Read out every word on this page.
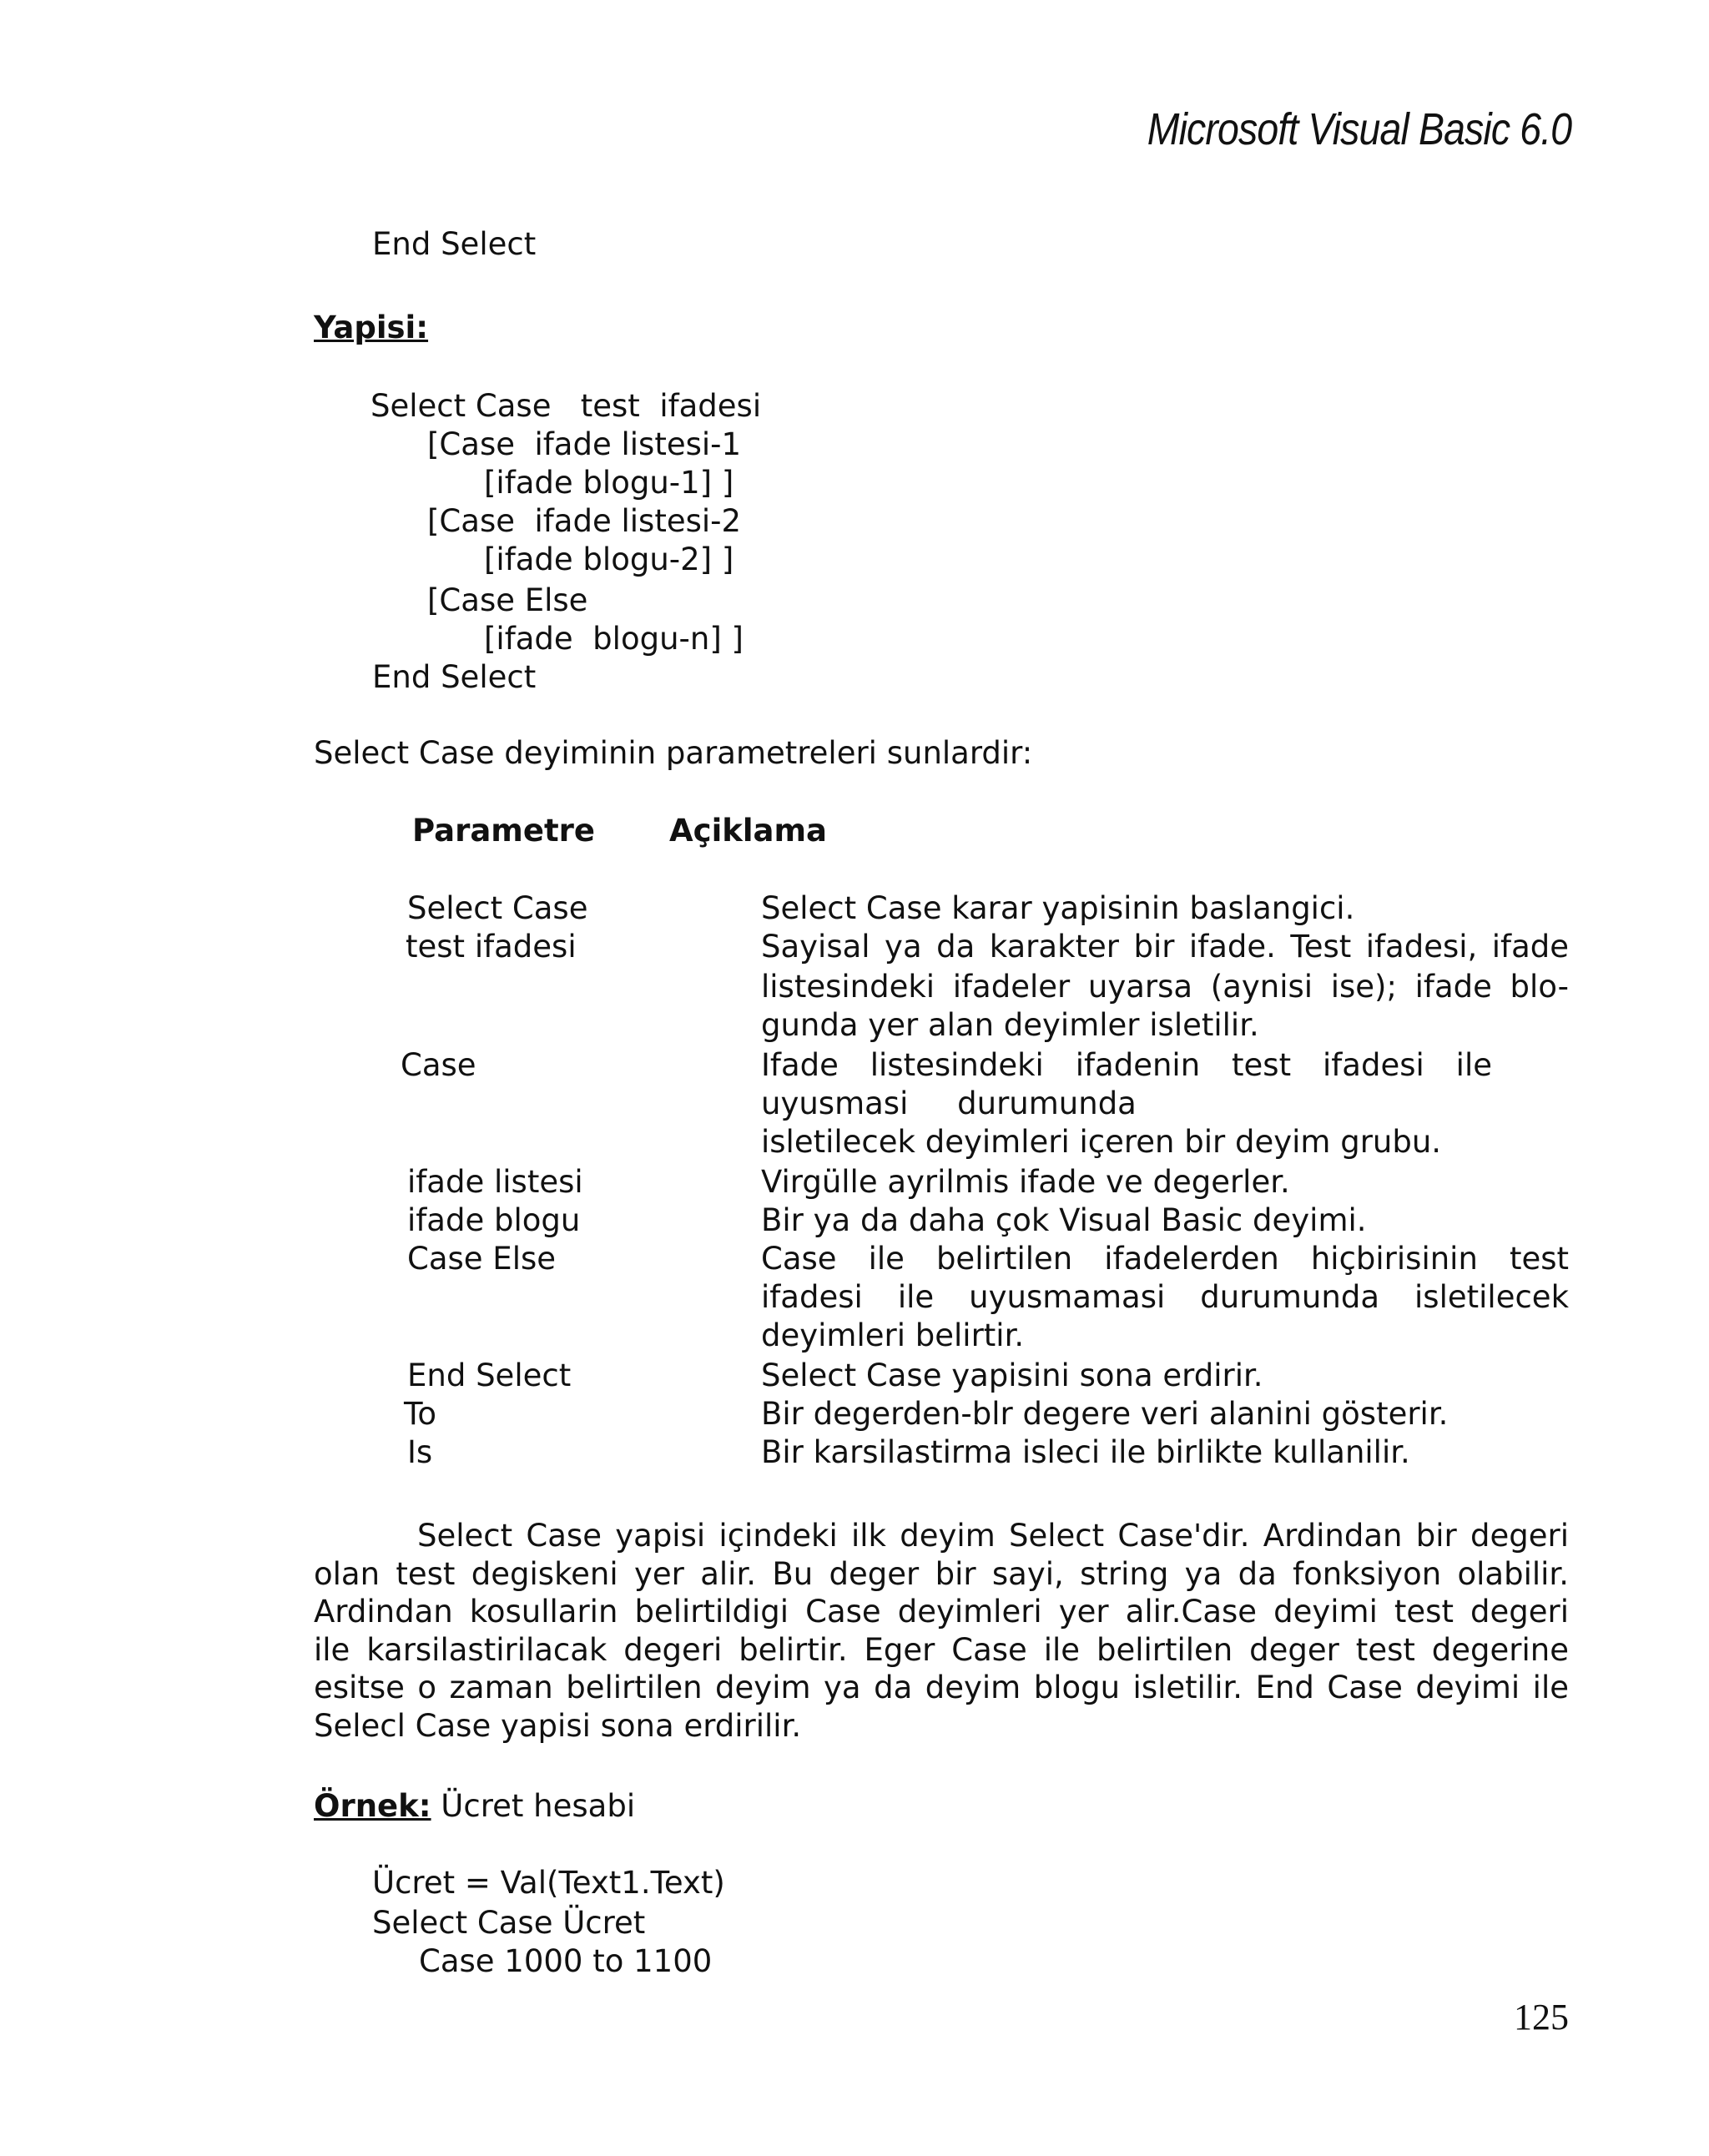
Microsoft Visual Basic 6.0
End Select
Yapisi:
Select Case   test  ifadesi
[Case  ifade listesi-1
[ifade blogu-1] ]
[Case  ifade listesi-2
[ifade blogu-2] ]
[Case Else
[ifade  blogu-n] ]
End Select
Select Case deyiminin parametreleri sunlardir:
Parametre Açiklama
Select Case	Select Case karar yapisinin baslangici.
test ifadesi	Sayisal ya da karakter bir ifade. Test ifadesi, ifade
listesindeki ifadeler uyarsa (aynisi ise); ifade blo-
gunda yer alan deyimler isletilir.
Case	Ifade listesindeki ifadenin test ifadesi ile
uyusmasi     durumunda
isletilecek deyimleri içeren bir deyim grubu.
ifade listesi	Virgülle ayrilmis ifade ve degerler.
ifade blogu	Bir ya da daha çok Visual Basic deyimi.
Case Else	Case ile belirtilen ifadelerden hiçbirisinin test
ifadesi ile uyusmamasi durumunda isletilecek
deyimleri belirtir.
End Select	Select Case yapisini sona erdirir.
To	Bir degerden-blr degere veri alanini gösterir.
Is	Bir karsilastirma isleci ile birlikte kullanilir.
Select Case yapisi içindeki ilk deyim Select Case'dir. Ardindan bir degeri
olan test degiskeni yer alir. Bu deger bir sayi, string ya da fonksiyon olabilir.
Ardindan kosullarin belirtildigi Case deyimleri yer alir.Case deyimi test degeri
ile karsilastirilacak degeri belirtir. Eger Case ile belirtilen deger test degerine
esitse o zaman belirtilen deyim ya da deyim blogu isletilir. End Case deyimi ile
Selecl Case yapisi sona erdirilir.
Örnek: Ücret hesabi
Ücret = Val(Text1.Text)
Select Case Ücret
Case 1000 to 1100
125
